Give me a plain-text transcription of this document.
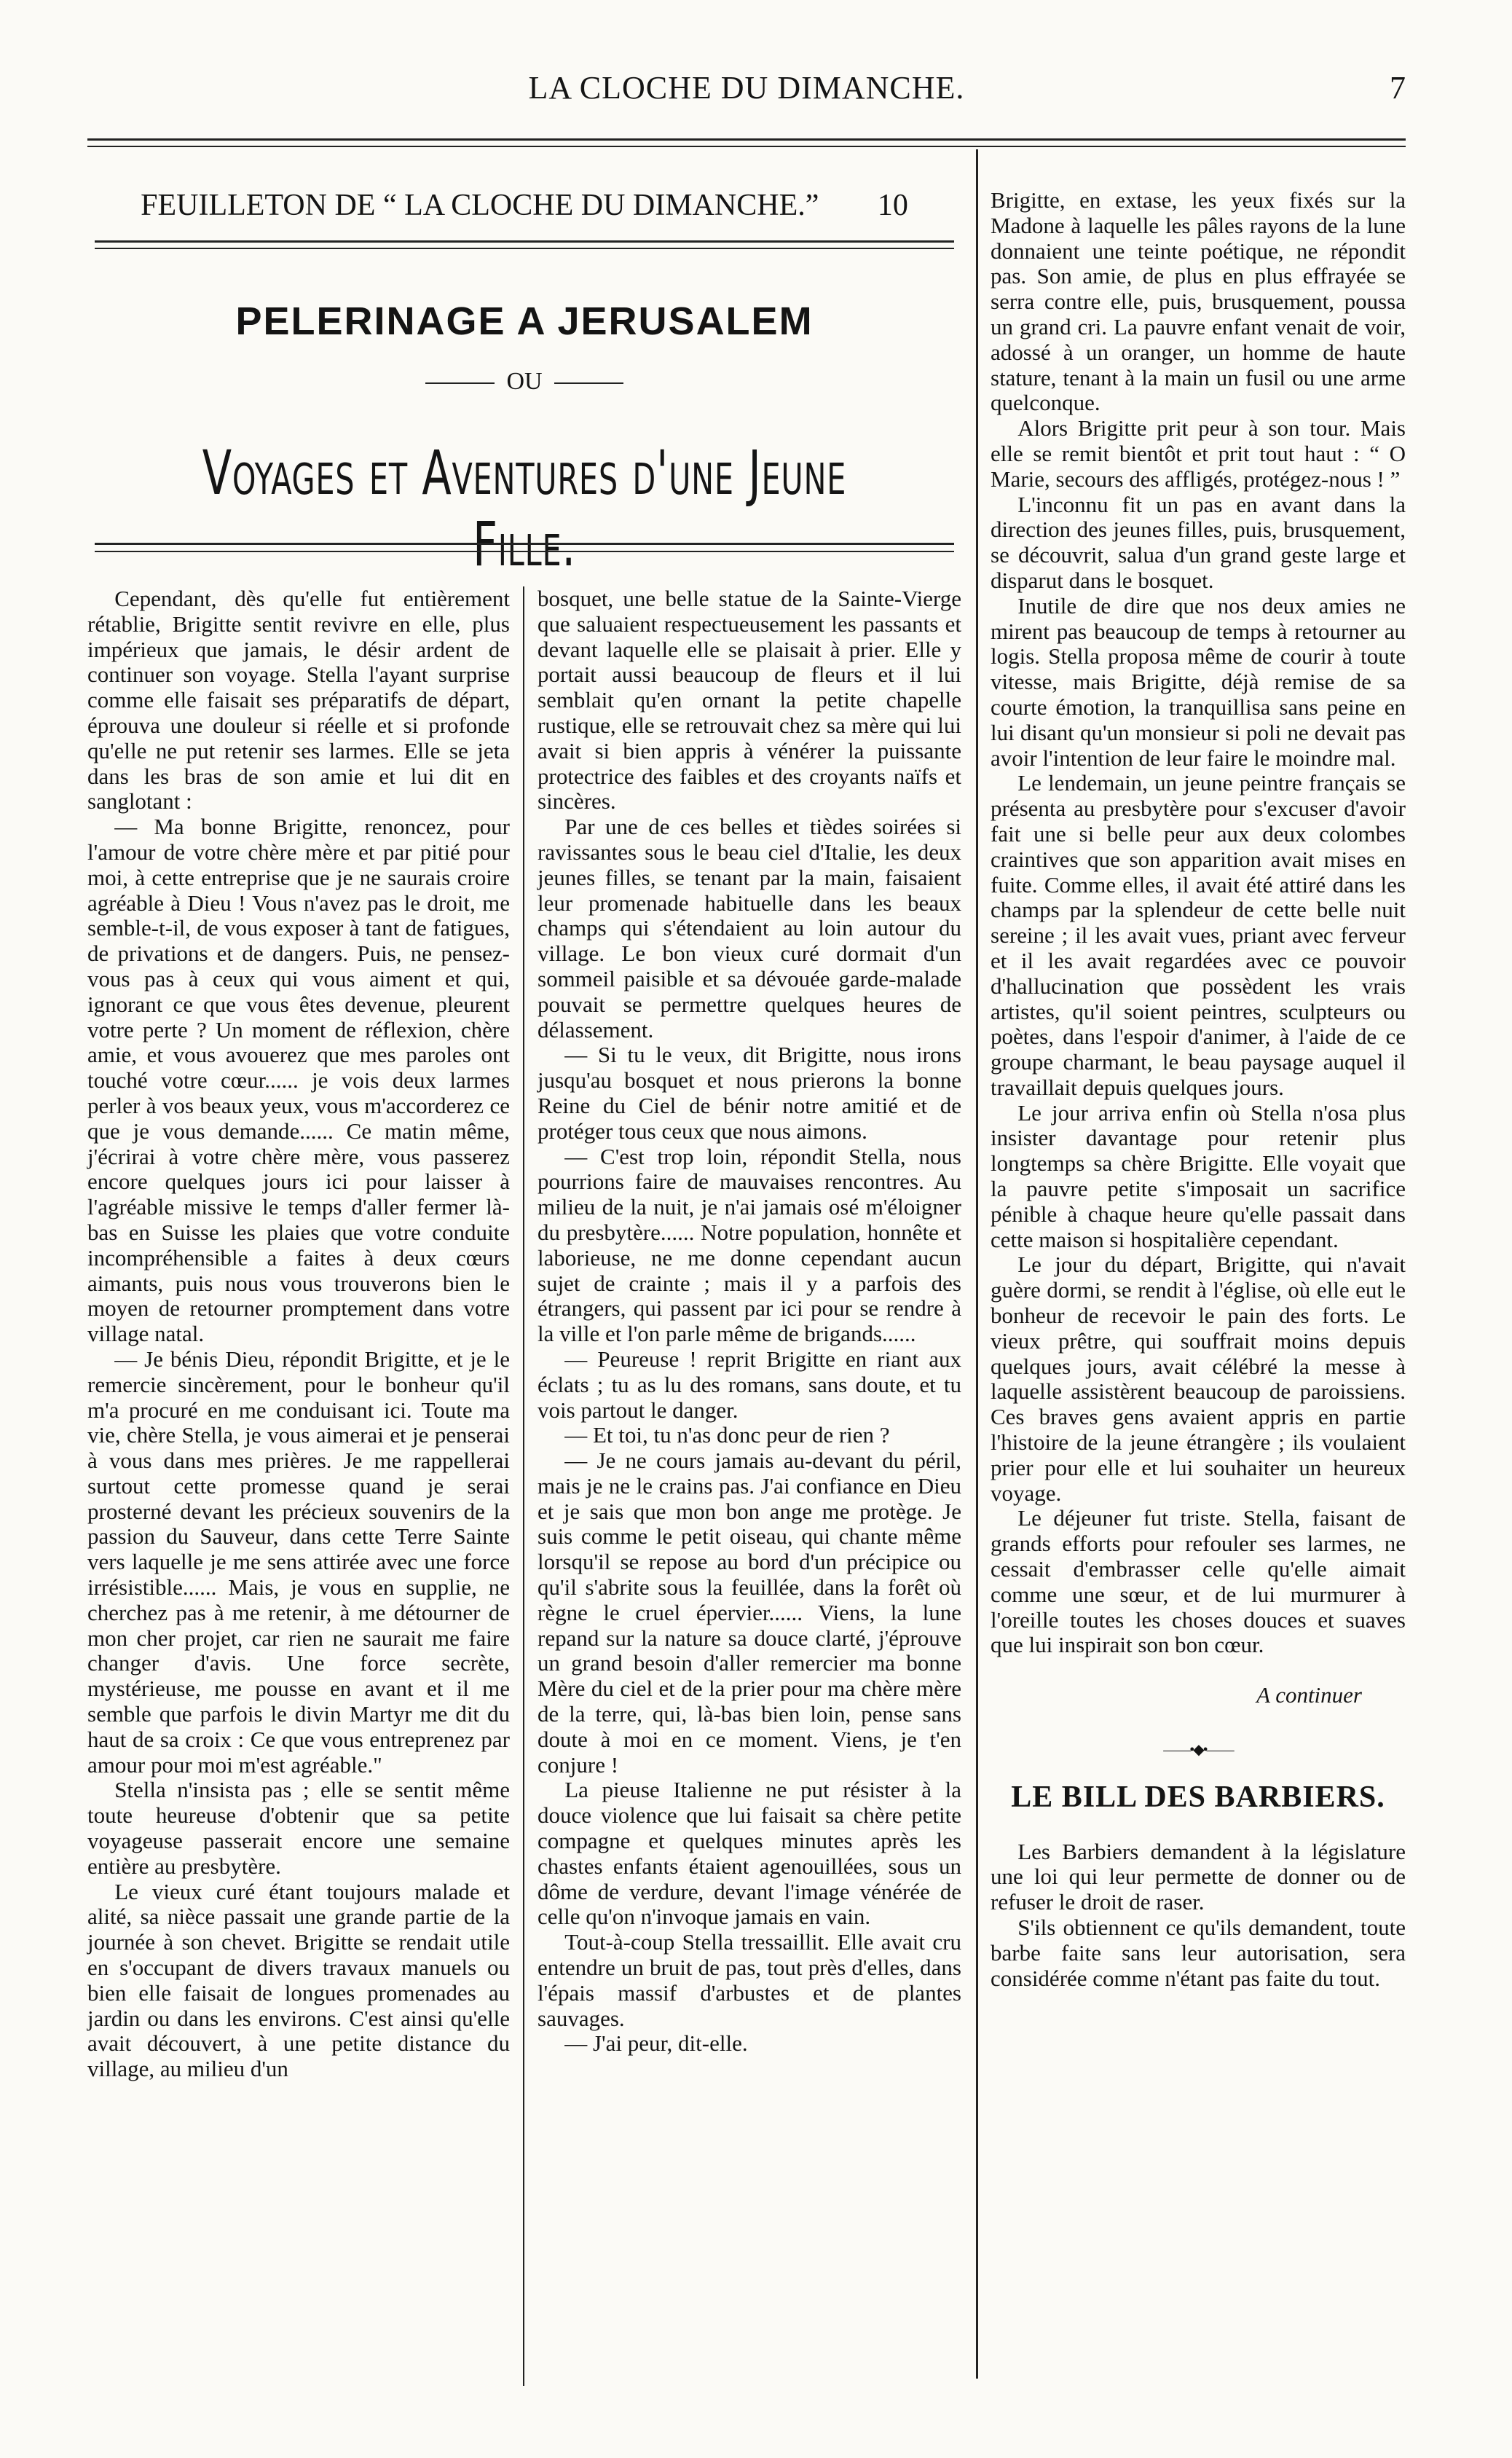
LA CLOCHE DU DIMANCHE.	7
FEUILLETON DE “ LA CLOCHE DU DIMANCHE.” 10
PELERINAGE A JERUSALEM
OU
Voyages et Aventures d'une Jeune Fille.

Cependant, dès qu'elle fut entièrement rétablie, Brigitte sentit revivre en elle, plus impérieux que jamais, le désir ardent de continuer son voyage. Stella l'ayant surprise comme elle faisait ses préparatifs de départ, éprouva une douleur si réelle et si profonde qu'elle ne put retenir ses larmes. Elle se jeta dans les bras de son amie et lui dit en sanglotant :

— Ma bonne Brigitte, renoncez, pour l'amour de votre chère mère et par pitié pour moi, à cette entreprise que je ne saurais croire agréable à Dieu ! Vous n'avez pas le droit, me semble-t-il, de vous exposer à tant de fatigues, de privations et de dangers. Puis, ne pensez-vous pas à ceux qui vous aiment et qui, ignorant ce que vous êtes devenue, pleurent votre perte ? Un moment de réflexion, chère amie, et vous avouerez que mes paroles ont touché votre cœur...... je vois deux larmes perler à vos beaux yeux, vous m'accorderez ce que je vous demande...... Ce matin même, j'écrirai à votre chère mère, vous passerez encore quelques jours ici pour laisser à l'agréable missive le temps d'aller fermer là-bas en Suisse les plaies que votre conduite incompréhensible a faites à deux cœurs aimants, puis nous vous trouverons bien le moyen de retourner promptement dans votre village natal.

— Je bénis Dieu, répondit Brigitte, et je le remercie sincèrement, pour le bonheur qu'il m'a procuré en me conduisant ici. Toute ma vie, chère Stella, je vous aimerai et je penserai à vous dans mes prières. Je me rappellerai surtout cette promesse quand je serai prosterné devant les précieux souvenirs de la passion du Sauveur, dans cette Terre Sainte vers laquelle je me sens attirée avec une force irrésistible...... Mais, je vous en supplie, ne cherchez pas à me retenir, à me détourner de mon cher projet, car rien ne saurait me faire changer d'avis. Une force secrète, mystérieuse, me pousse en avant et il me semble que parfois le divin Martyr me dit du haut de sa croix : Ce que vous entreprenez par amour pour moi m'est agréable."

Stella n'insista pas ; elle se sentit même toute heureuse d'obtenir que sa petite voyageuse passerait encore une semaine entière au presbytère.

Le vieux curé étant toujours malade et alité, sa nièce passait une grande partie de la journée à son chevet. Brigitte se rendait utile en s'occupant de divers travaux manuels ou bien elle faisait de longues promenades au jardin ou dans les environs. C'est ainsi qu'elle avait découvert, à une petite distance du village, au milieu d'un

bosquet, une belle statue de la Sainte-Vierge que saluaient respectueusement les passants et devant laquelle elle se plaisait à prier. Elle y portait aussi beaucoup de fleurs et il lui semblait qu'en ornant la petite chapelle rustique, elle se retrouvait chez sa mère qui lui avait si bien appris à vénérer la puissante protectrice des faibles et des croyants naïfs et sincères.

Par une de ces belles et tièdes soirées si ravissantes sous le beau ciel d'Italie, les deux jeunes filles, se tenant par la main, faisaient leur promenade habituelle dans les beaux champs qui s'étendaient au loin autour du village. Le bon vieux curé dormait d'un sommeil paisible et sa dévouée garde-malade pouvait se permettre quelques heures de délassement.

— Si tu le veux, dit Brigitte, nous irons jusqu'au bosquet et nous prierons la bonne Reine du Ciel de bénir notre amitié et de protéger tous ceux que nous aimons.

— C'est trop loin, répondit Stella, nous pourrions faire de mauvaises rencontres. Au milieu de la nuit, je n'ai jamais osé m'éloigner du presbytère...... Notre population, honnête et laborieuse, ne me donne cependant aucun sujet de crainte ; mais il y a parfois des étrangers, qui passent par ici pour se rendre à la ville et l'on parle même de brigands......

— Peureuse ! reprit Brigitte en riant aux éclats ; tu as lu des romans, sans doute, et tu vois partout le danger.

— Et toi, tu n'as donc peur de rien ?

— Je ne cours jamais au-devant du péril, mais je ne le crains pas. J'ai confiance en Dieu et je sais que mon bon ange me protège. Je suis comme le petit oiseau, qui chante même lorsqu'il se repose au bord d'un précipice ou qu'il s'abrite sous la feuillée, dans la forêt où règne le cruel épervier...... Viens, la lune repand sur la nature sa douce clarté, j'éprouve un grand besoin d'aller remercier ma bonne Mère du ciel et de la prier pour ma chère mère de la terre, qui, là-bas bien loin, pense sans doute à moi en ce moment. Viens, je t'en conjure !

La pieuse Italienne ne put résister à la douce violence que lui faisait sa chère petite compagne et quelques minutes après les chastes enfants étaient agenouillées, sous un dôme de verdure, devant l'image vénérée de celle qu'on n'invoque jamais en vain.

Tout-à-coup Stella tressaillit. Elle avait cru entendre un bruit de pas, tout près d'elles, dans l'épais massif d'arbustes et de plantes sauvages.

— J'ai peur, dit-elle.

Brigitte, en extase, les yeux fixés sur la Madone à laquelle les pâles rayons de la lune donnaient une teinte poétique, ne répondit pas. Son amie, de plus en plus effrayée se serra contre elle, puis, brusquement, poussa un grand cri. La pauvre enfant venait de voir, adossé à un oranger, un homme de haute stature, tenant à la main un fusil ou une arme quelconque.

Alors Brigitte prit peur à son tour. Mais elle se remit bientôt et prit tout haut : “ O Marie, secours des affligés, protégez-nous ! ”

L'inconnu fit un pas en avant dans la direction des jeunes filles, puis, brusquement, se découvrit, salua d'un grand geste large et disparut dans le bosquet.

Inutile de dire que nos deux amies ne mirent pas beaucoup de temps à retourner au logis. Stella proposa même de courir à toute vitesse, mais Brigitte, déjà remise de sa courte émotion, la tranquillisa sans peine en lui disant qu'un monsieur si poli ne devait pas avoir l'intention de leur faire le moindre mal.

Le lendemain, un jeune peintre français se présenta au presbytère pour s'excuser d'avoir fait une si belle peur aux deux colombes craintives que son apparition avait mises en fuite. Comme elles, il avait été attiré dans les champs par la splendeur de cette belle nuit sereine ; il les avait vues, priant avec ferveur et il les avait regardées avec ce pouvoir d'hallucination que possèdent les vrais artistes, qu'il soient peintres, sculpteurs ou poètes, dans l'espoir d'animer, à l'aide de ce groupe charmant, le beau paysage auquel il travaillait depuis quelques jours.

Le jour arriva enfin où Stella n'osa plus insister davantage pour retenir plus longtemps sa chère Brigitte. Elle voyait que la pauvre petite s'imposait un sacrifice pénible à chaque heure qu'elle passait dans cette maison si hospitalière cependant.

Le jour du départ, Brigitte, qui n'avait guère dormi, se rendit à l'église, où elle eut le bonheur de recevoir le pain des forts. Le vieux prêtre, qui souffrait moins depuis quelques jours, avait célébré la messe à laquelle assistèrent beaucoup de paroissiens. Ces braves gens avaient appris en partie l'histoire de la jeune étrangère ; ils voulaient prier pour elle et lui souhaiter un heureux voyage.

Le déjeuner fut triste. Stella, faisant de grands efforts pour refouler ses larmes, ne cessait d'embrasser celle qu'elle aimait comme une sœur, et de lui murmurer à l'oreille toutes les choses douces et suaves que lui inspirait son bon cœur.

A continuer
——•◆•——
LE BILL DES BARBIERS.

Les Barbiers demandent à la législature une loi qui leur permette de donner ou de refuser le droit de raser.

S'ils obtiennent ce qu'ils demandent, toute barbe faite sans leur autorisation, sera considérée comme n'étant pas faite du tout.
